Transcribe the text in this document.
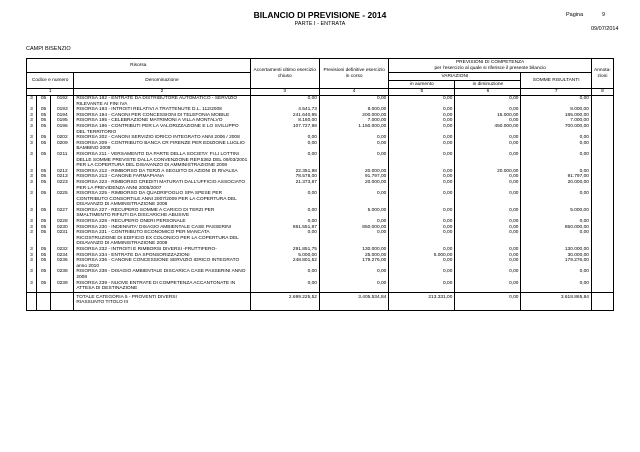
BILANCIO DI PREVISIONE - 2014
PARTE I - ENTRATA
Pagina	9
09/07/2014
CAMPI BISENZIO
Risorsa				Accertamenti ultimo esercizio chiuso	Previsioni definitive esercizio in corso	PREVISIONI DI COMPETENZA
per l'esercizio al quale si riferisce il presente bilancio			Annota-zioni
Codice e numero			Denominazione			VARIAZIONI		SOMME RISULTANTI	
						in aumento	in diminuzione		
1			2	3	4	5	6	7	8
3	05	0192	RISORSA 192 - ENTRATE DA DISTRIBUTORE AUTOMATICO - SERVIZIO RILEVANTE AI FINI IVA	0,00	0,00	0,00	0,00	0,00	
3	05	0193	RISORSA 193 - INTROITI RELATIVI A TRATTENUTE D.L. 112/2008	4.541,73	8.000,00	0,00	0,00	8.000,00	
3	05	0194	RISORSA 194 - CANONI PER CONCESSIONI DI TELEFONIA MOBILE	241.640,95	200.000,00	0,00	15.000,00	185.000,00	
3	05	0195	RISORSA 195 - CELEBRAZIONE MATRIMONI A VILLA MONTALVO	8.160,00	7.000,00	0,00	0,00	7.000,00	
3	05	0196	RISORSA 196 - CONTRIBUTI PER LA VALORIZZAZIONE E LO SVILUPPO DEL TERRITORIO	107.727,98	1.150.000,00	0,00	450.000,00	700.000,00	
3	05	0202	RISORSA 202 - CANONI SERVIZIO IDRICO INTEGRATO ANNI 2006 / 2008	0,00	0,00	0,00	0,00	0,00	
3	05	0209	RISORSA 209 - CONTRIBUTO BANCA CR FIRENZE PER EDIZIONE LUGLIO BAMBINO 2009	0,00	0,00	0,00	0,00	0,00	
3	05	0211	RISORSA 211 - VERSAMENTO DA PARTE DELLA SOCIETA' FI.LI LOTTINI DELLE SOMME PREVISTE DALLA CONVENZIONE REP.5362 DEL 09/03/2001 PER LA COPERTURA DEL DISAVANZO DI AMMINISTRAZIONE 2008	0,00	0,00	0,00	0,00	0,00	
3	05	0212	RISORSA 212 - RIMBORSO DA TERZI A SEGUITO DI AZIONI DI RIVALSA	22.351,98	20.000,00	0,00	20.000,00	0,00	
3	05	0213	RISORSA 213 - CANONE FARMAPIANA	78.578,00	91.797,00	0,00	0,00	91.797,00	
3	05	0223	RISORSA 223 - RIMBORSO CREDITI MATURATI DALL'UFFICIO ASSOCIATO PER LA PREVIDENZA ANNI 2005/2007	21.373,87	20.000,00	0,00	0,00	20.000,00	
3	05	0225	RISORSA 225 - RIMBORSO DA QUADRIFOGLIO SPA SPESE PER CONTRIBUTO CONSORTILE ANNI 2007/2009 PER LA COPERTURA DEL DISAVANZO DI AMMINISTRAZIONE 2008	0,00	0,00	0,00	0,00	0,00	
3	05	0227	RISORSA 227 - RECUPERO SOMME A CARICO DI TERZI PER SMALTIMENTO RIFIUTI DA DISCARICHE ABUSIVE	0,00	5.000,00	0,00	0,00	5.000,00	
3	05	0228	RISORSA 228 - RECUPERO ONERI PERSONALE	0,00	0,00	0,00	0,00	0,00	
3	05	0230	RISORSA 230 - INDENNITA' DISAGIO AMBIENTALE CASE PASSERINI	861.551,87	850.000,00	0,00	0,00	850.000,00	
3	05	0231	RISORSA 231 - CONTRIBUTO ECONOMICO PER MANCATA RICOSTRUZIONE DI EDIFICIO EX COLONICO PER LA COPERTURA DEL DISAVANZO DI AMMINISTRAZIONE 2008	0,00	0,00	0,00	0,00	0,00	
3	05	0232	RISORSA 232 - INTROITI E RIMBORSI DIVERSI -FRUTTIFERO-	291.851,75	130.000,00	0,00	0,00	130.000,00	
3	05	0234	RISORSA 234 - ENTRATE DA SPONSORIZZAZIONI	5.000,00	25.000,00	5.000,00	0,00	30.000,00	
3	05	0236	RISORSA 236 - CANONE CONCESSIONE SERVIZIO IDRICO INTEGRATO anno 2010	248.801,52	179.276,00	0,00	0,00	179.276,00	
3	05	0238	RISORSA 238 - DISAGIO AMBIENTALE DISCARICA CASE PASSERINI ANNO 2008	0,00	0,00	0,00	0,00	0,00	
3	05	0239	RISORSA 239 - NUOVE ENTRATE DI COMPETENZA ACCANTONATE IN ATTESA DI DESTINAZIONE	0,00	0,00	0,00	0,00	0,00	
			TOTALE CATEGORIA 5 - PROVENTI DIVERSI	2.699.225,52	3.405.534,84	213.331,00	0,00	3.618.865,84	
			RIASSUNTO TITOLO III						
